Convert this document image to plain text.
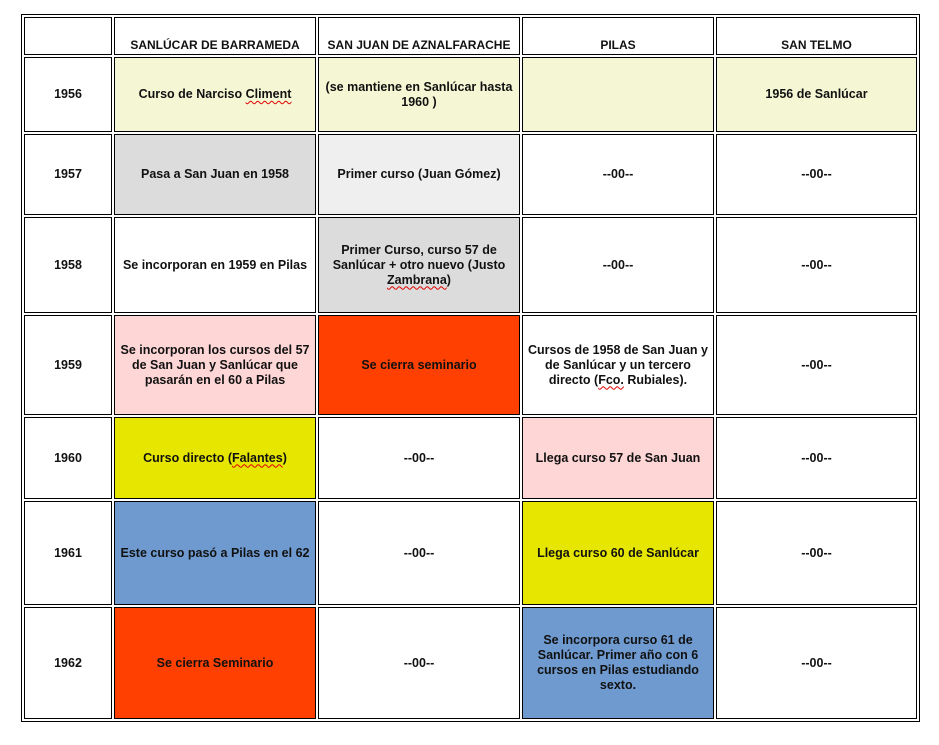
	SANLÚCAR DE BARRAMEDA	SAN JUAN DE AZNALFARACHE	PILAS	SAN TELMO
1956	Curso de Narciso Climent	(se mantiene en Sanlúcar hasta 1960 )		1956 de Sanlúcar
1957	Pasa a San Juan en 1958	Primer curso (Juan Gómez)	--00--	--00--
1958	Se incorporan en 1959 en Pilas	Primer Curso, curso 57 de Sanlúcar + otro nuevo (Justo Zambrana)	--00--	--00--
1959	Se incorporan los cursos del 57 de San Juan y Sanlúcar que pasarán en el 60 a Pilas	Se cierra seminario	Cursos de 1958 de San Juan y de Sanlúcar y un tercero directo (Fco. Rubiales).	--00--
1960	Curso directo (Falantes)	--00--	Llega curso 57 de San Juan	--00--
1961	Este curso pasó a Pilas en el 62	--00--	Llega curso 60 de Sanlúcar	--00--
1962	Se cierra Seminario	--00--	Se incorpora curso 61 de Sanlúcar. Primer año con 6 cursos en Pilas estudiando sexto.	--00--
